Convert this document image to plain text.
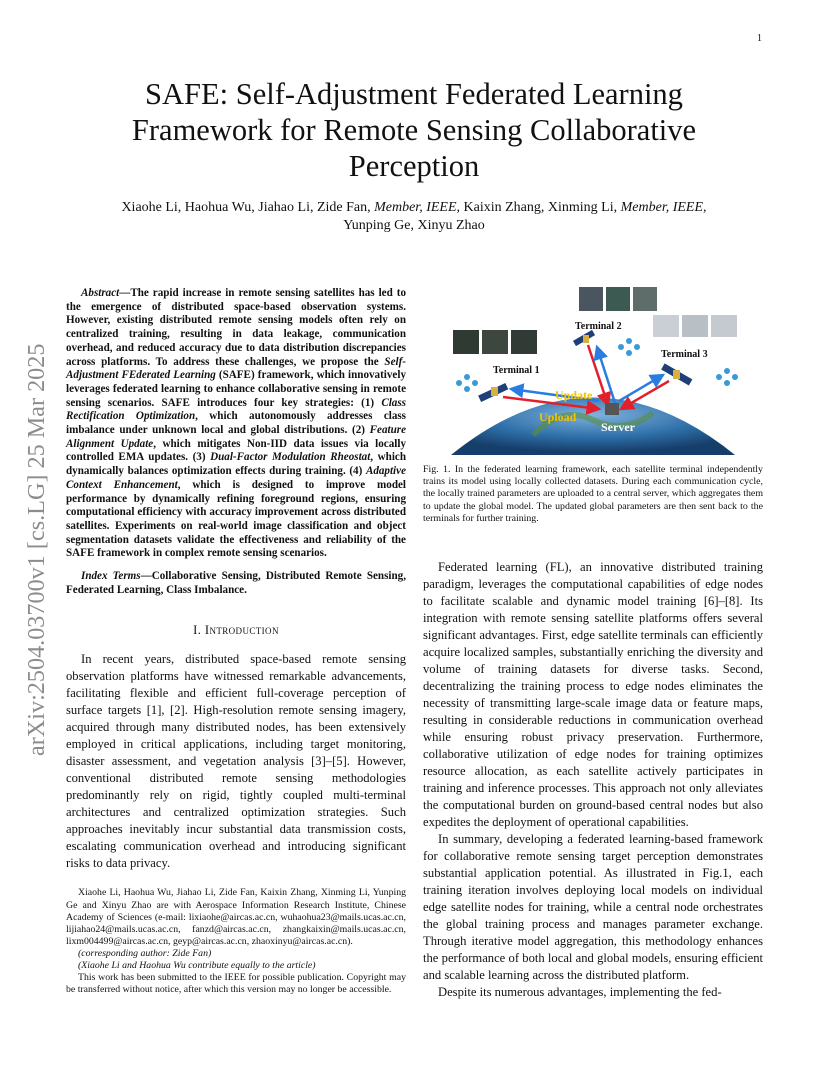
1
arXiv:2504.03700v1 [cs.LG] 25 Mar 2025
SAFE: Self-Adjustment Federated Learning Framework for Remote Sensing Collaborative Perception
Xiaohe Li, Haohua Wu, Jiahao Li, Zide Fan, Member, IEEE, Kaixin Zhang, Xinming Li, Member, IEEE,
Yunping Ge, Xinyu Zhao
Abstract—The rapid increase in remote sensing satellites has led to the emergence of distributed space-based observation systems. However, existing distributed remote sensing models often rely on centralized training, resulting in data leakage, communication overhead, and reduced accuracy due to data distribution discrepancies across platforms. To address these challenges, we propose the Self-Adjustment FEderated Learning (SAFE) framework, which innovatively leverages federated learning to enhance collaborative sensing in remote sensing scenarios. SAFE introduces four key strategies: (1) Class Rectification Optimization, which autonomously addresses class imbalance under unknown local and global distributions. (2) Feature Alignment Update, which mitigates Non-IID data issues via locally controlled EMA updates. (3) Dual-Factor Modulation Rheostat, which dynamically balances optimization effects during training. (4) Adaptive Context Enhancement, which is designed to improve model performance by dynamically refining foreground regions, ensuring computational efficiency with accuracy improvement across distributed satellites. Experiments on real-world image classification and object segmentation datasets validate the effectiveness and reliability of the SAFE framework in complex remote sensing scenarios.
Index Terms—Collaborative Sensing, Distributed Remote Sensing, Federated Learning, Class Imbalance.
I. Introduction

In recent years, distributed space-based remote sensing observation platforms have witnessed remarkable advancements, facilitating flexible and efficient full-coverage perception of surface targets [1], [2]. High-resolution remote sensing imagery, acquired through many distributed nodes, has been extensively employed in critical applications, including target monitoring, disaster assessment, and vegetation analysis [3]–[5]. However, conventional distributed remote sensing methodologies predominantly rely on rigid, tightly coupled multi-terminal architectures and centralized optimization strategies. Such approaches inevitably incur substantial data transmission costs, escalating communication overhead and introducing significant risks to data privacy.

Xiaohe Li, Haohua Wu, Jiahao Li, Zide Fan, Kaixin Zhang, Xinming Li, Yunping Ge and Xinyu Zhao are with Aerospace Information Research Institute, Chinese Academy of Sciences (e-mail: lixiaohe@aircas.ac.cn, wuhaohua23@mails.ucas.ac.cn, lijiahao24@mails.ucas.ac.cn, fanzd@aircas.ac.cn, zhangkaixin@mails.ucas.ac.cn, lixm004499@aircas.ac.cn, geyp@aircas.ac.cn, zhaoxinyu@aircas.ac.cn).

(corresponding author: Zide Fan)

(Xiaohe Li and Haohua Wu contribute equally to the article)

This work has been submitted to the IEEE for possible publication. Copyright may be transferred without notice, after which this version may no longer be accessible.

Terminal 2
Terminal 1
Terminal 3
Update
Upload
Server
Fig. 1. In the federated learning framework, each satellite terminal independently trains its model using locally collected datasets. During each communication cycle, the locally trained parameters are uploaded to a central server, which aggregates them to update the global model. The updated global parameters are then sent back to the terminals for further training.

Federated learning (FL), an innovative distributed training paradigm, leverages the computational capabilities of edge nodes to facilitate scalable and dynamic model training [6]–[8]. Its integration with remote sensing satellite platforms offers several significant advantages. First, edge satellite terminals can efficiently acquire localized samples, substantially enriching the diversity and volume of training datasets for diverse tasks. Second, decentralizing the training process to edge nodes eliminates the necessity of transmitting large-scale image data or feature maps, resulting in considerable reductions in communication overhead while ensuring robust privacy preservation. Furthermore, collaborative utilization of edge nodes for training optimizes resource allocation, as each satellite actively participates in training and inference processes. This approach not only alleviates the computational burden on ground-based central nodes but also expedites the deployment of operational capabilities.

In summary, developing a federated learning-based framework for collaborative remote sensing target perception demonstrates substantial application potential. As illustrated in Fig.1, each training iteration involves deploying local models on individual edge satellite nodes for training, while a central node orchestrates the global training process and manages parameter exchange. Through iterative model aggregation, this methodology enhances the performance of both local and global models, ensuring efficient and scalable learning across the distributed platform.

Despite its numerous advantages, implementing the fed-
